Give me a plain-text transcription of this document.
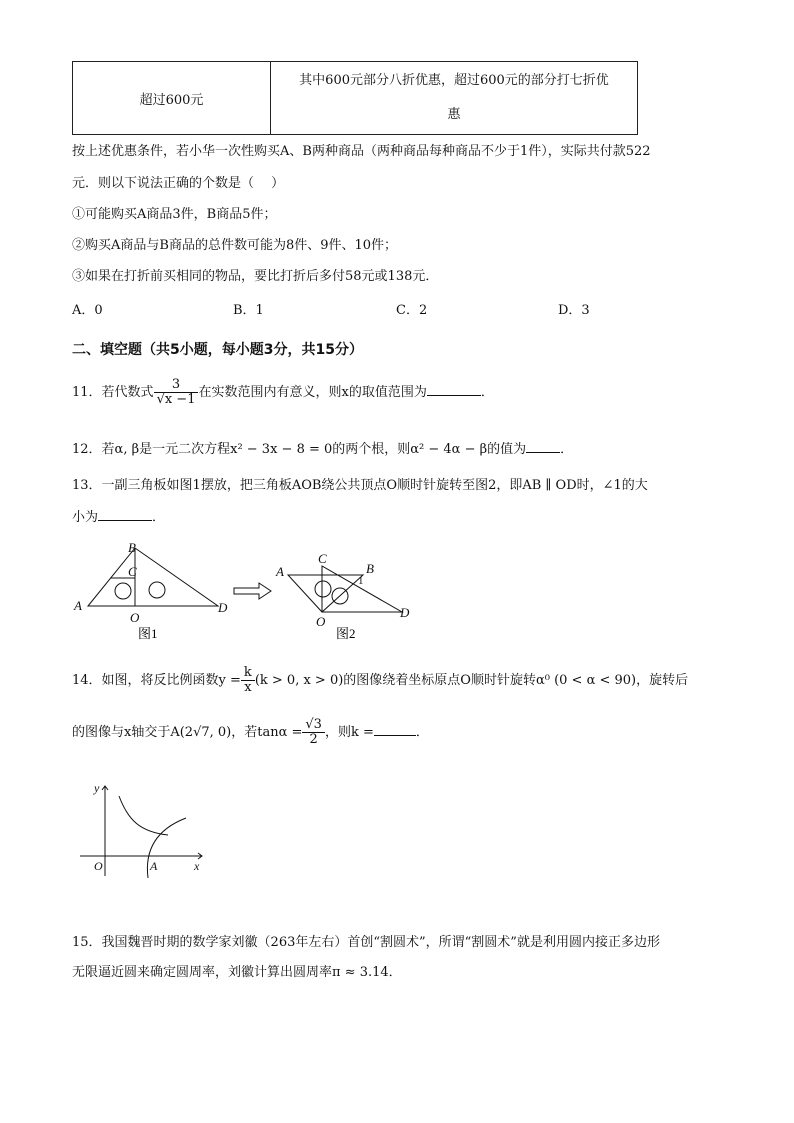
超过600元	其中600元部分八折优惠，超过600元的部分打七折优
惠
按上述优惠条件，若小华一次性购买A、B两种商品（两种商品每种商品不少于1件），实际共付款522
元．则以下说法正确的个数是（　 ）
①可能购买A商品3件，B商品5件；
②购买A商品与B商品的总件数可能为8件、9件、10件；
③如果在打折前买相同的物品，要比打折后多付58元或138元．
A．0	B．1	C．2	D．3
二、填空题（共5小题，每小题3分，共15分）
11．若代数式 $\frac{3}{√x -1}$ 在实数范围内有意义，则x的取值范围为	．
12．若α, β是一元二次方程x² − 3x − 8 = 0的两个根，则α² − 4α − β的值为	．
13．一副三角板如图1摆放，把三角板AOB绕公共顶点O顺时针旋转至图2，即AB ∥ OD时，∠1的大
小为	．
B
C
A
O
D
图1
C
B
A
1
O
D
图2
14．如图，将反比例函数$y = \frac{k}{x} (k > 0$, x > 0)的图像绕着坐标原点O顺时针旋转α⁰ (0 < α < 90)，旋转后
的图像与x轴交于A(2√7, 0)，若$\tan\alpha = \frac{√3}{2}$ ，则k =	．
y
O	A	x
15．我国魏晋时期的数学家刘徽（263年左右）首创“割圆术”，所谓“割圆术”就是利用圆内接正多边形
无限逼近圆来确定圆周率，刘徽计算出圆周率π ≈ 3.14．
